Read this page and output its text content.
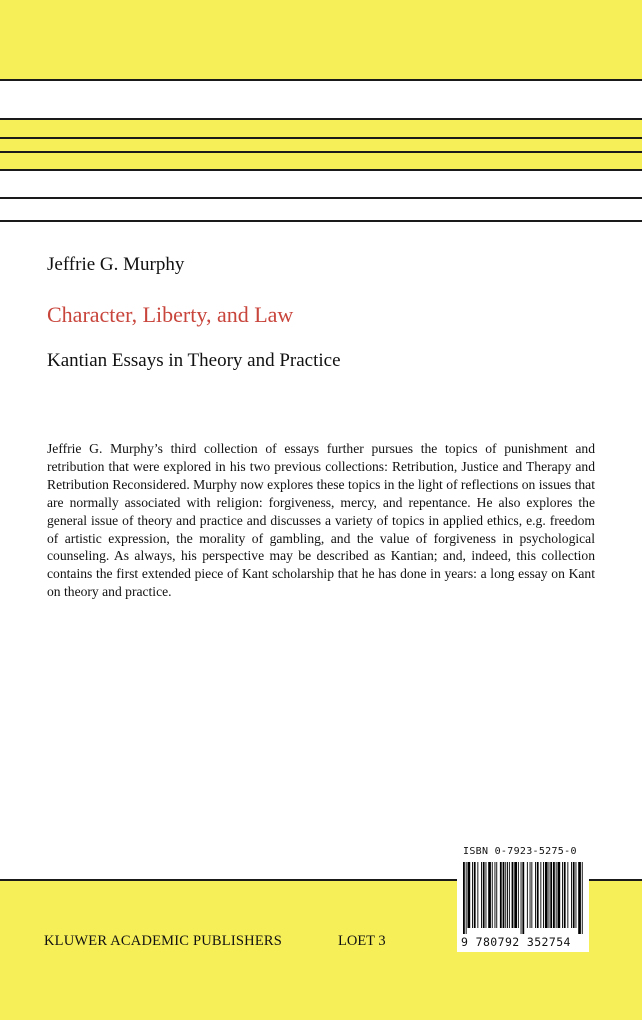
Jeffrie G. Murphy
Character, Liberty, and Law
Kantian Essays in Theory and Practice

Jeffrie G. Murphy’s third collection of essays further pursues the topics of punishment and retribution that were explored in his two previous collections: Retribution, Justice and Therapy and Retribution Reconsidered. Murphy now explores these topics in the light of reflections on issues that are normally associated with religion: forgiveness, mercy, and repentance. He also explores the general issue of theory and practice and discusses a variety of topics in applied ethics, e.g. freedom of artistic expression, the morality of gambling, and the value of forgiveness in psychological counseling. As always, his perspective may be described as Kantian; and, indeed, this collection contains the first extended piece of Kant scholarship that he has done in years: a long essay on Kant on theory and practice.

KLUWER ACADEMIC PUBLISHERS	LOET 3
ISBN 0-7923-5275-0
9 780792 352754
